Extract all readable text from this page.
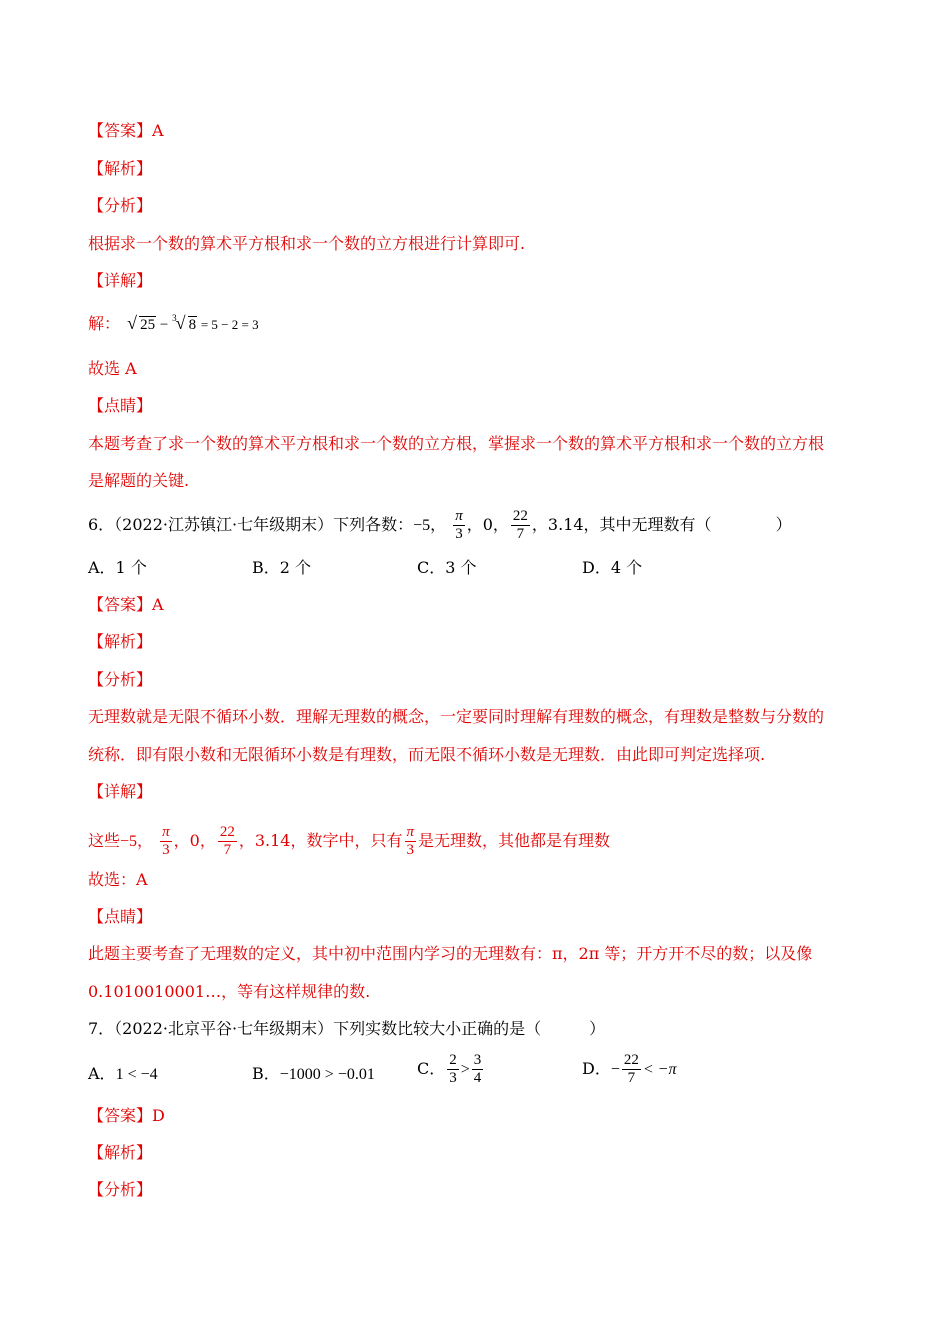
【答案】A
【解析】
【分析】
根据求一个数的算术平方根和求一个数的立方根进行计算即可.
【详解】
解： √ 25 − $^3$ √ 8 = 5 − 2 = 3
故选 A
【点睛】
本题考查了求一个数的算术平方根和求一个数的立方根，掌握求一个数的算术平方根和求一个数的立方根
是解题的关键.
6．（2022·江苏镇江·七年级期末）下列各数：−5， $\frac{\pi}{3}$ ，0， $\frac{22}{7}$ ，3.14，其中无理数有（	）
A．1 个	B．2 个	C．3 个	D．4 个
【答案】A
【解析】
【分析】
无理数就是无限不循环小数．理解无理数的概念，一定要同时理解有理数的概念，有理数是整数与分数的
统称．即有限小数和无限循环小数是有理数，而无限不循环小数是无理数．由此即可判定选择项.
【详解】
这些−5， $\frac{\pi}{3}$ ，0， $\frac{22}{7}$ ，3.14，数字中，只有 $\frac{\pi}{3}$ 是无理数，其他都是有理数
故选：A
【点睛】
此题主要考查了无理数的定义，其中初中范围内学习的无理数有：π，2π 等；开方开不尽的数；以及像
0.1010010001…，等有这样规律的数.
7．（2022·北京平谷·七年级期末）下列实数比较大小正确的是（	）
A．1 < −4	B．−1000 > −0.01	C． $\frac{2}{3} > \frac{3}{4}$	D．− $\frac{22}{7} < -\pi$
【答案】D
【解析】
【分析】
